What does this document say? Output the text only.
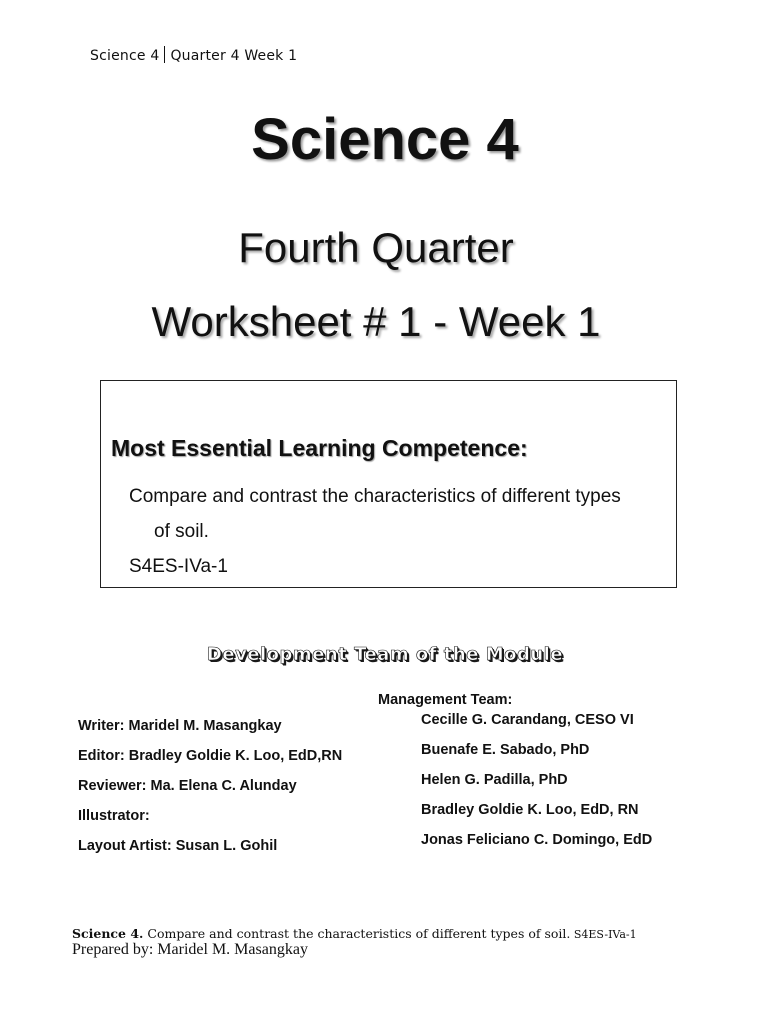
Science 4 Quarter 4 Week 1
Science 4
Fourth Quarter
Worksheet # 1 - Week 1
Most Essential Learning Competence:
Compare and contrast the characteristics of different types
of soil.
S4ES-IVa-1
Development Team of the Module
Writer: Maridel M. Masangkay
Editor: Bradley Goldie K. Loo, EdD,RN
Reviewer: Ma. Elena C. Alunday
Illustrator:
Layout Artist: Susan L. Gohil
Management Team:
Cecille G. Carandang, CESO VI
Buenafe E. Sabado, PhD
Helen G. Padilla, PhD
Bradley Goldie K. Loo, EdD, RN
Jonas Feliciano C. Domingo, EdD
Science 4. Compare and contrast the characteristics of different types of soil. S4ES-IVa-1
Prepared by: Maridel M. Masangkay
